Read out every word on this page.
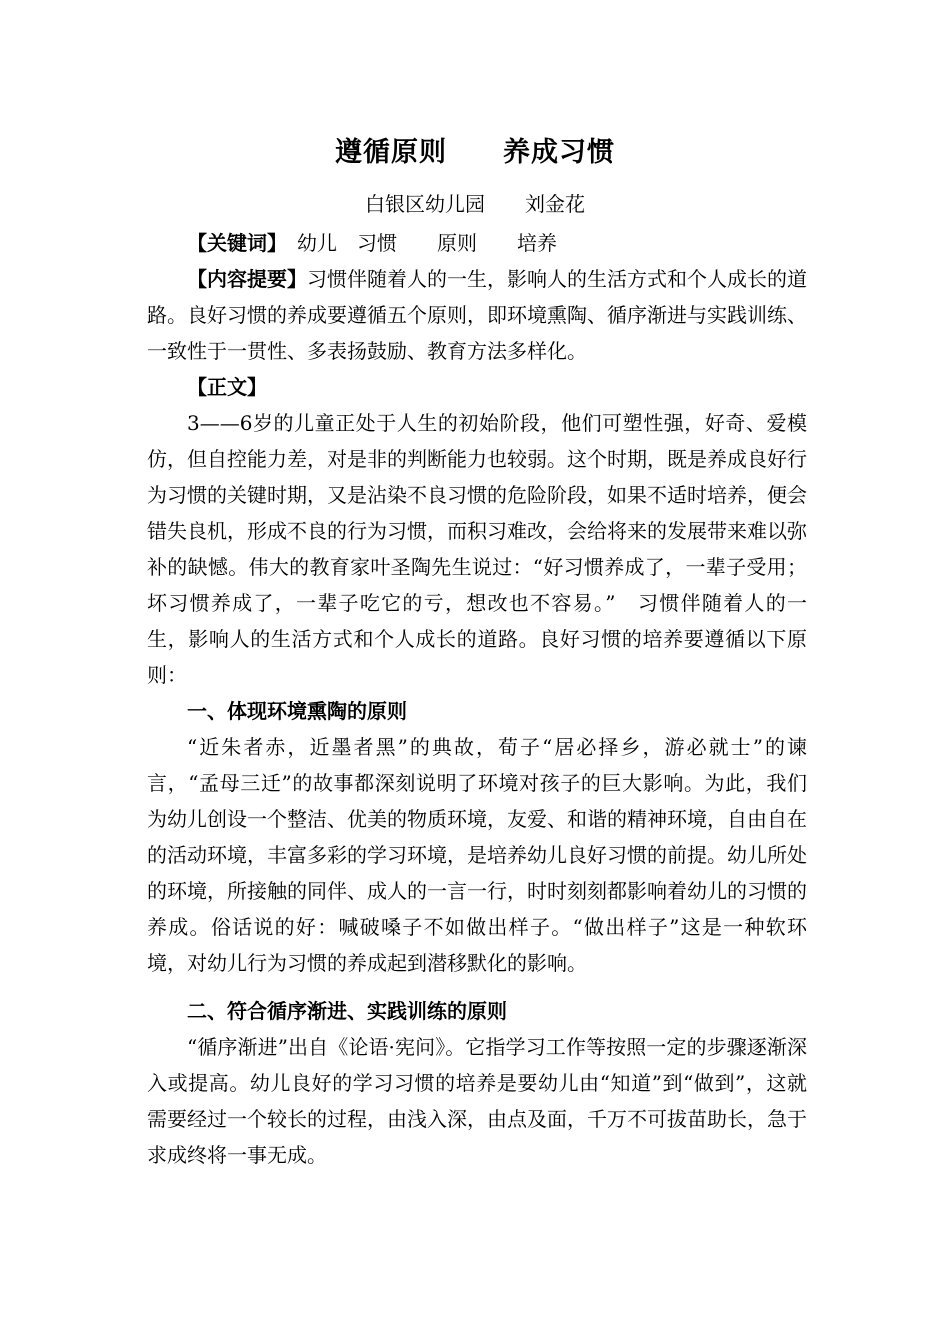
遵循原则　　养成习惯
白银区幼儿园　　刘金花

【关键词】　幼儿　习惯　　原则　　培养

【内容提要】习惯伴随着人的一生，影响人的生活方式和个人成长的道路。良好习惯的养成要遵循五个原则，即环境熏陶、循序渐进与实践训练、一致性于一贯性、多表扬鼓励、教育方法多样化。

【正文】

3——6岁的儿童正处于人生的初始阶段，他们可塑性强，好奇、爱模仿，但自控能力差，对是非的判断能力也较弱。这个时期，既是养成良好行为习惯的关键时期，又是沾染不良习惯的危险阶段，如果不适时培养，便会错失良机，形成不良的行为习惯，而积习难改，会给将来的发展带来难以弥补的缺憾。伟大的教育家叶圣陶先生说过：“好习惯养成了，一辈子受用；坏习惯养成了，一辈子吃它的亏，想改也不容易。”　习惯伴随着人的一生，影响人的生活方式和个人成长的道路。良好习惯的培养要遵循以下原则：

一、体现环境熏陶的原则

“近朱者赤，近墨者黑”的典故，荀子“居必择乡，游必就士”的谏言，“孟母三迁”的故事都深刻说明了环境对孩子的巨大影响。为此，我们为幼儿创设一个整洁、优美的物质环境，友爱、和谐的精神环境，自由自在的活动环境，丰富多彩的学习环境，是培养幼儿良好习惯的前提。幼儿所处的环境，所接触的同伴、成人的一言一行，时时刻刻都影响着幼儿的习惯的养成。俗话说的好：喊破嗓子不如做出样子。“做出样子”这是一种软环境，对幼儿行为习惯的养成起到潜移默化的影响。

二、符合循序渐进、实践训练的原则

“循序渐进”出自《论语·宪问》。它指学习工作等按照一定的步骤逐渐深入或提高。幼儿良好的学习习惯的培养是要幼儿由“知道”到“做到”，这就需要经过一个较长的过程，由浅入深，由点及面，千万不可拔苗助长，急于求成终将一事无成。
